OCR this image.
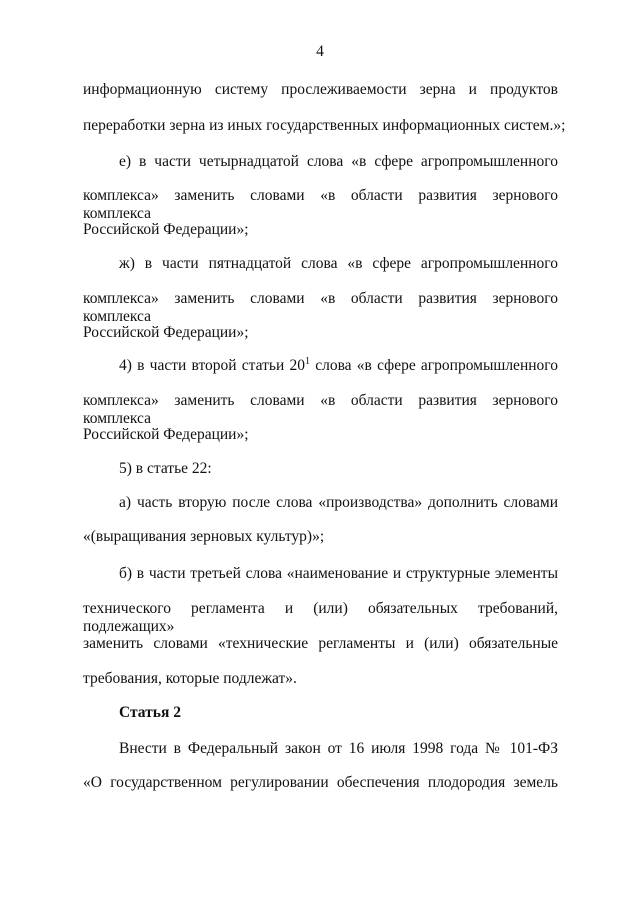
4
информационную систему прослеживаемости зерна и продуктов
переработки зерна из иных государственных информационных систем.»;
е) в части четырнадцатой слова «в сфере агропромышленного
комплекса» заменить словами «в области развития зернового комплекса
Российской Федерации»;
ж) в части пятнадцатой слова «в сфере агропромышленного
комплекса» заменить словами «в области развития зернового комплекса
Российской Федерации»;
4) в части второй статьи $20^1$ слова «в сфере агропромышленного
комплекса» заменить словами «в области развития зернового комплекса
Российской Федерации»;
5) в статье 22:
а) часть вторую после слова «производства» дополнить словами
«(выращивания зерновых культур)»;
б) в части третьей слова «наименование и структурные элементы
технического регламента и (или) обязательных требований, подлежащих»
заменить словами «технические регламенты и (или) обязательные
требования, которые подлежат».
Статья 2
Внести в Федеральный закон от 16 июля 1998 года № 101-ФЗ
«О государственном регулировании обеспечения плодородия земель
